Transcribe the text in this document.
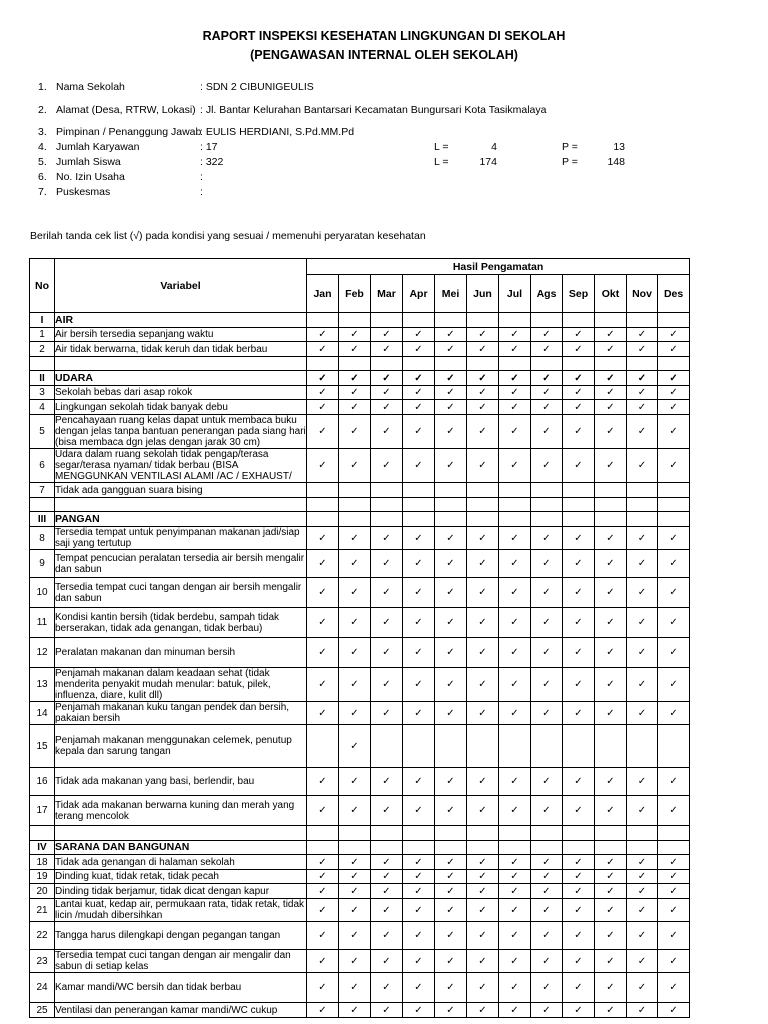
RAPORT INSPEKSI KESEHATAN LINGKUNGAN DI SEKOLAH
(PENGAWASAN INTERNAL OLEH SEKOLAH)
1. Nama Sekolah	: SDN 2 CIBUNIGEULIS
2. Alamat (Desa, RTRW, Lokasi) : Jl. Bantar Kelurahan Bantarsari Kecamatan Bungursari Kota Tasikmalaya
3. Pimpinan / Penanggung Jawab
: EULIS HERDIANI, S.Pd.MM.Pd
4. Jumlah Karyawan	: 17	L =	4	P =	13
5. Jumlah Siswa	: 322	L =	174	P =	148
6. No. Izin Usaha	:
7. Puskesmas	:
Berilah tanda cek list (√) pada kondisi yang sesuai / memenuhi peryaratan kesehatan
No	Variabel	Hasil Pengamatan											
		Jan	Feb	Mar	Apr	Mei	Jun	Jul	Ags	Sep	Okt	Nov	Des
I	AIR												
1	Air bersih tersedia sepanjang waktu	✓	✓	✓	✓	✓	✓	✓	✓	✓	✓	✓	✓
2	Air tidak berwarna, tidak keruh dan tidak berbau	✓	✓	✓	✓	✓	✓	✓	✓	✓	✓	✓	✓

II	UDARA	✓	✓	✓	✓	✓	✓	✓	✓	✓	✓	✓	✓
3	Sekolah bebas dari asap rokok	✓	✓	✓	✓	✓	✓	✓	✓	✓	✓	✓	✓
4	Lingkungan sekolah tidak banyak debu	✓	✓	✓	✓	✓	✓	✓	✓	✓	✓	✓	✓
5	Pencahayaan ruang kelas dapat untuk membaca buku dengan jelas tanpa bantuan penerangan pada siang hari (bisa membaca dgn jelas dengan jarak 30 cm)	✓	✓	✓	✓	✓	✓	✓	✓	✓	✓	✓	✓
6	Udara dalam ruang sekolah tidak pengap/terasa segar/terasa nyaman/ tidak berbau (BISA MENGGUNKAN VENTILASI ALAMI /AC / EXHAUST/	✓	✓	✓	✓	✓	✓	✓	✓	✓	✓	✓	✓
7	Tidak ada gangguan suara bising												

III	PANGAN												
8	Tersedia tempat untuk penyimpanan makanan jadi/siap saji yang tertutup	✓	✓	✓	✓	✓	✓	✓	✓	✓	✓	✓	✓
9	Tempat pencucian peralatan tersedia air bersih mengalir dan sabun	✓	✓	✓	✓	✓	✓	✓	✓	✓	✓	✓	✓
10	Tersedia tempat cuci tangan dengan air bersih mengalir dan sabun	✓	✓	✓	✓	✓	✓	✓	✓	✓	✓	✓	✓
11	Kondisi kantin bersih (tidak berdebu, sampah tidak berserakan, tidak ada genangan, tidak berbau)	✓	✓	✓	✓	✓	✓	✓	✓	✓	✓	✓	✓
12	Peralatan makanan dan minuman bersih	✓	✓	✓	✓	✓	✓	✓	✓	✓	✓	✓	✓
13	Penjamah makanan dalam keadaan sehat (tidak menderita penyakit mudah menular: batuk, pilek, influenza, diare, kulit dll)	✓	✓	✓	✓	✓	✓	✓	✓	✓	✓	✓	✓
14	Penjamah makanan kuku tangan pendek dan bersih, pakaian bersih	✓	✓	✓	✓	✓	✓	✓	✓	✓	✓	✓	✓
15	Penjamah makanan menggunakan celemek, penutup kepala dan sarung tangan		✓										
16	Tidak ada makanan yang basi, berlendir, bau	✓	✓	✓	✓	✓	✓	✓	✓	✓	✓	✓	✓
17	Tidak ada makanan berwarna kuning dan merah yang terang mencolok	✓	✓	✓	✓	✓	✓	✓	✓	✓	✓	✓	✓

IV	SARANA DAN BANGUNAN												
18	Tidak ada genangan di halaman sekolah	✓	✓	✓	✓	✓	✓	✓	✓	✓	✓	✓	✓
19	Dinding kuat, tidak retak, tidak pecah	✓	✓	✓	✓	✓	✓	✓	✓	✓	✓	✓	✓
20	Dinding tidak berjamur, tidak dicat dengan kapur	✓	✓	✓	✓	✓	✓	✓	✓	✓	✓	✓	✓
21	Lantai kuat, kedap air, permukaan rata, tidak retak, tidak licin /mudah dibersihkan	✓	✓	✓	✓	✓	✓	✓	✓	✓	✓	✓	✓
22	Tangga harus dilengkapi dengan pegangan tangan	✓	✓	✓	✓	✓	✓	✓	✓	✓	✓	✓	✓
23	Tersedia tempat cuci tangan dengan air mengalir dan sabun di setiap kelas	✓	✓	✓	✓	✓	✓	✓	✓	✓	✓	✓	✓
24	Kamar mandi/WC bersih dan tidak berbau	✓	✓	✓	✓	✓	✓	✓	✓	✓	✓	✓	✓
25	Ventilasi dan penerangan kamar mandi/WC cukup	✓	✓	✓	✓	✓	✓	✓	✓	✓	✓	✓	✓
